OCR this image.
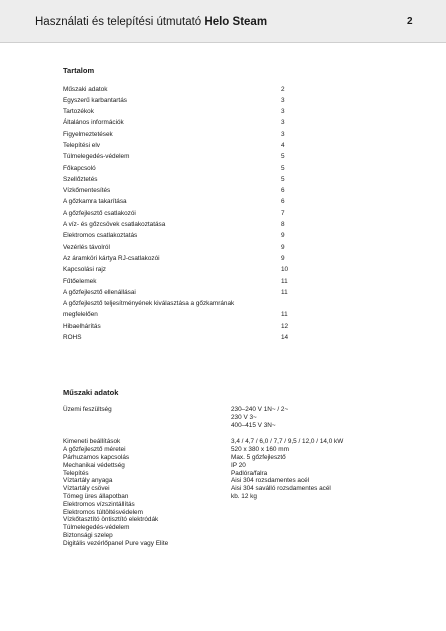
Használati és telepítési útmutató Helo Steam	2
Tartalom
Műszaki adatok	2
Egyszerű karbantartás	3
Tartozékok	3
Általános információk	3
Figyelmeztetések	3
Telepítési elv	4
Túlmelegedés-védelem	5
Főkapcsoló	5
Szellőztetés	5
Vízkőmentesítés	6
A gőzkamra takarítása	6
A gőzfejlesztő csatlakozói	7
A víz- és gőzcsövek csatlakoztatása	8
Elektromos csatlakoztatás	9
Vezérlés távolról	9
Az áramköri kártya RJ-csatlakozói	9
Kapcsolási rajz	10
Fűtőelemek	11
A gőzfejlesztő ellenállásai	11
A gőzfejlesztő teljesítményének kiválasztása a gőzkamrának
megfelelően	11
Hibaelhárítás	12
ROHS	14
Műszaki adatok
Üzemi feszültség	230–240 V 1N~ / 2~
230 V 3~
400–415 V 3N~
Kimeneti beállítások	3,4 / 4,7 / 6,0 / 7,7 / 9,5 / 12,0 / 14,0 kW
A gőzfejlesztő méretei	520 x 380 x 160 mm
Párhuzamos kapcsolás	Max. 5 gőzfejlesztő
Mechanikai védettség	IP 20
Telepítés	Padlóra/falra
Víztartály anyaga	Aisi 304 rozsdamentes acél
Víztartály csövei	Aisi 304 saválló rozsdamentes acél
Tömeg üres állapotban	kb. 12 kg
Elektromos vízszintállítás
Elektromos túltöltésvédelem
Vízkőtasztító öntisztító elektródák
Túlmelegedés-védelem
Biztonsági szelep
Digitális vezérlőpanel Pure vagy Elite
